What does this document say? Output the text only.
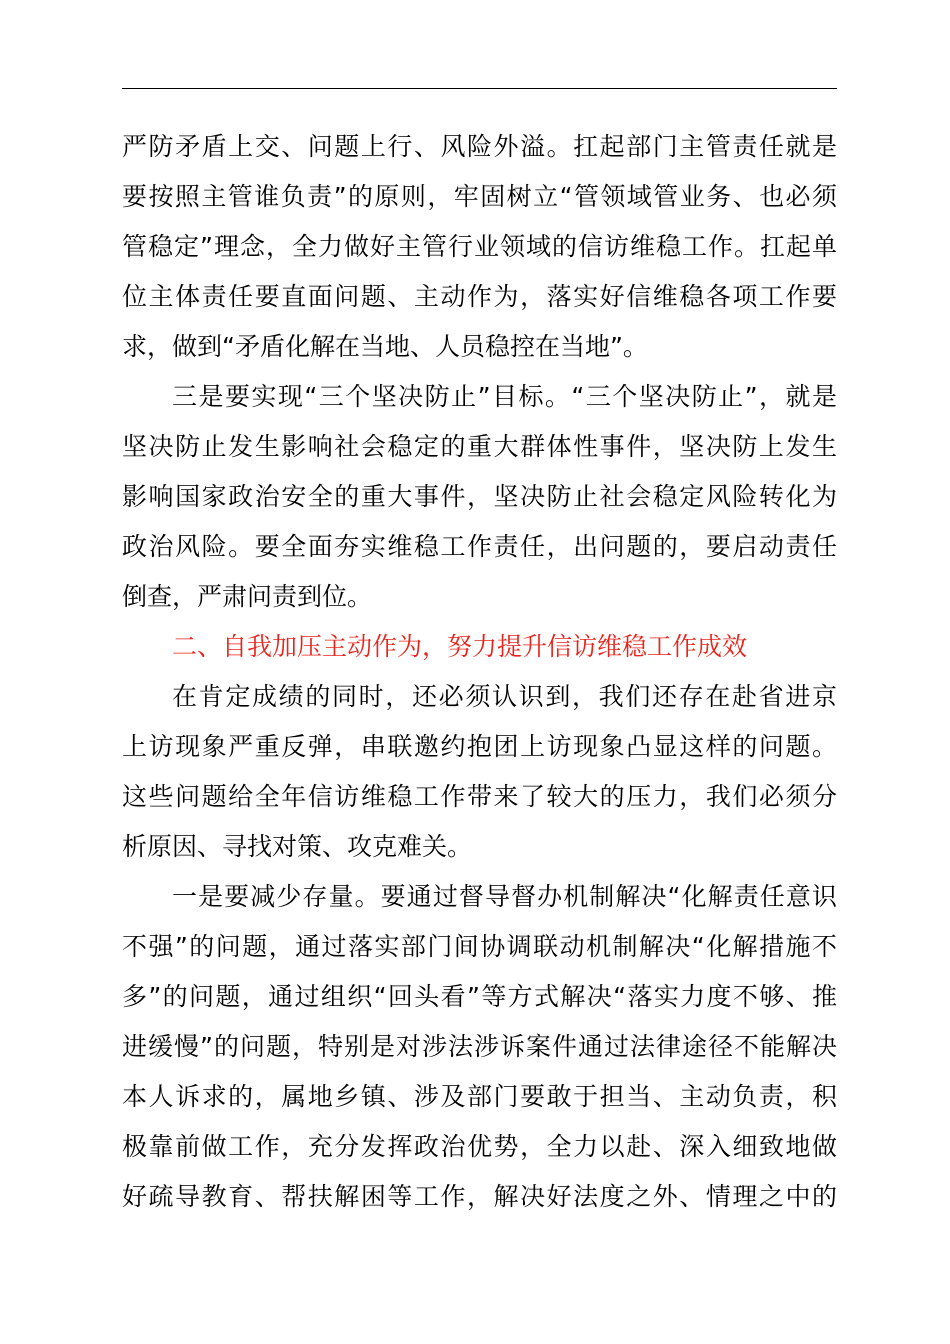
严防矛盾上交、问题上行、风险外溢。扛起部门主管责任就是
要按照主管谁负责”的原则，牢固树立“管领域管业务、也必须
管稳定”理念，全力做好主管行业领域的信访维稳工作。扛起单
位主体责任要直面问题、主动作为，落实好信维稳各项工作要
求，做到“矛盾化解在当地、人员稳控在当地”。
三是要实现“三个坚决防止”目标。“三个坚决防止”，就是
坚决防止发生影响社会稳定的重大群体性事件，坚决防上发生
影响国家政治安全的重大事件，坚决防止社会稳定风险转化为
政治风险。要全面夯实维稳工作责任，出问题的，要启动责任
倒查，严肃问责到位。
二、自我加压主动作为，努力提升信访维稳工作成效
在肯定成绩的同时，还必须认识到，我们还存在赴省进京
上访现象严重反弹，串联邀约抱团上访现象凸显这样的问题。
这些问题给全年信访维稳工作带来了较大的压力，我们必须分
析原因、寻找对策、攻克难关。
一是要减少存量。要通过督导督办机制解决“化解责任意识
不强”的问题，通过落实部门间协调联动机制解决“化解措施不
多”的问题，通过组织“回头看”等方式解决“落实力度不够、推
进缓慢”的问题，特别是对涉法涉诉案件通过法律途径不能解决
本人诉求的，属地乡镇、涉及部门要敢于担当、主动负责，积
极靠前做工作，充分发挥政治优势，全力以赴、深入细致地做
好疏导教育、帮扶解困等工作，解决好法度之外、情理之中的
